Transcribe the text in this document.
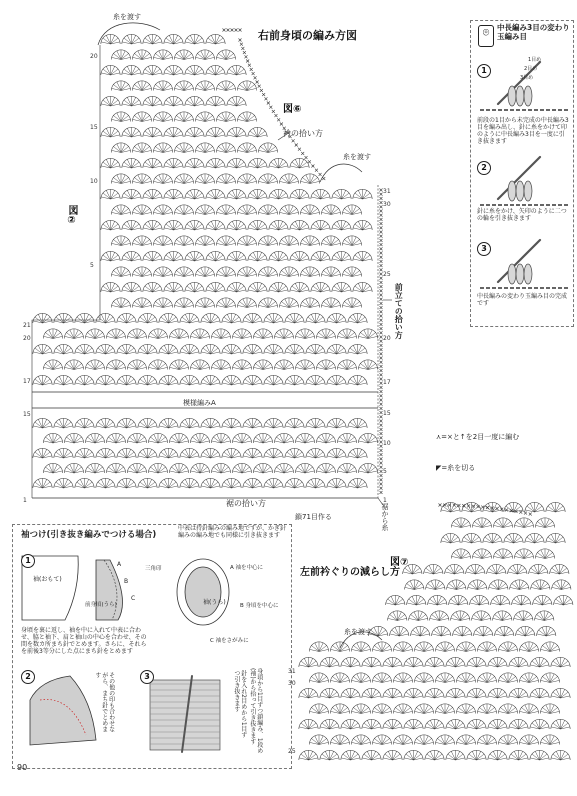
右前身頃の編み方図
図⑥
図②
糸を渡す
衿の拾い方
糸を渡す
前立ての拾い方
模様編みA
裾の拾い方
鎖71目作る	裾から糸
20
15
10
5
21
20
17
15
1
31
30
25
20
17
15
10
5
1
⌾	中長編み3目の変わり玉編み目
1
1目め
2目め
3目め
前段の1目から未完成の中長編み3目を編み出し、針に糸をかけて印のように中長編み3目を一度に引き抜きます
2
針に糸をかけ、矢印のように二つの輪を引き抜きます
3
中長編みの変わり玉編み目の完成です
⋏=×と↑を2目一度に編む
◤=糸を切る
袖つけ(引き抜き編みでつける場合)
中表は持針編みの編み地ですが、かぎ針編みの編み地でも同様に引き抜きます
1
袖(おもて)
前身頃(うら)	袖(うら)
三角印
A
B
C
A 袖を中心に
B 身頃を中心に
C 袖をさがみに
身頃を裏に返し、袖を中に入れて中表に合わせ、脇と袖下、肩と袖山の中心を合わせ、その間を数カ所まち針でとめます。さらに、それらを前後3等分にした点にまち針をとめます
2	その他の印も合わせながら、まち針でとめます	3	身頃から1目ずつ鎖編み、1段め(袖)から拾って引き抜きます
針を入れ2目めから1目ずつ引き抜きます
左前衿ぐりの減らし方
図⑦
糸を渡す
31
30
25
90
